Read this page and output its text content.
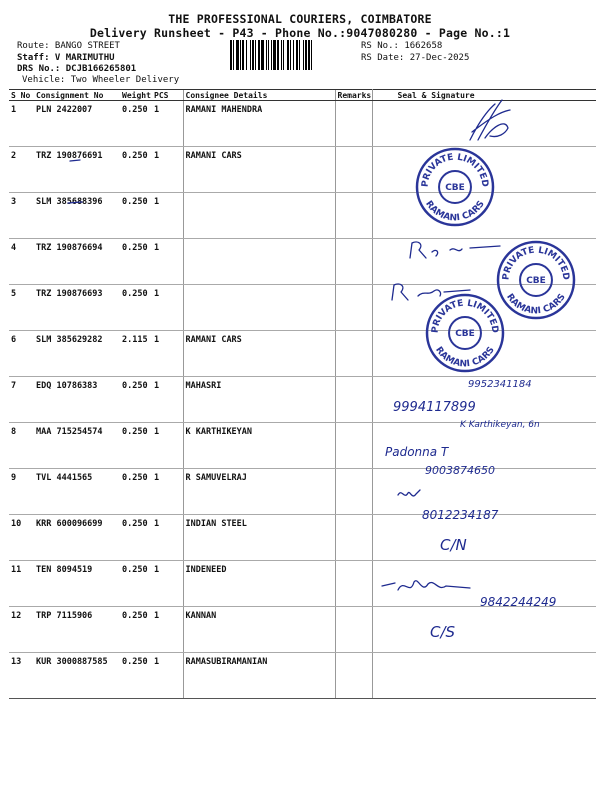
THE PROFESSIONAL COURIERS, COIMBATORE
Delivery Runsheet - P43 - Phone No.:9047080280 - Page No.:1
Route: BANGO STREET
Staff: V MARIMUTHU
DRS No.: DCJB166265801
Vehicle: Two Wheeler Delivery
RS No.: 1662658
RS Date: 27-Dec-2025
S No	Consignment No	Weight	PCS	Consignee Details	Remarks	Seal & Signature
1	PLN 2422007	0.250	1	RAMANI MAHENDRA		
2	TRZ 190876691	0.250	1	RAMANI CARS		
3	SLM 385688396	0.250	1			
4	TRZ 190876694	0.250	1			
5	TRZ 190876693	0.250	1			
6	SLM 385629282	2.115	1	RAMANI CARS		
7	EDQ 10786383	0.250	1	MAHASRI		
8	MAA 715254574	0.250	1	K KARTHIKEYAN		
9	TVL 4441565	0.250	1	R SAMUVELRAJ		
10	KRR 600096699	0.250	1	INDIAN STEEL		
11	TEN 8094519	0.250	1	INDENEED		
12	TRP 7115906	0.250	1	KANNAN		
13	KUR 3000887585	0.250	1	RAMASUBIRAMANIAN		
9952341184
9994117899
K Karthikeyan, 6n
Padonna T
9003874650
8012234187
C/N
9842244249
C/S
PRIVATE LIMITED
RAMANI CARS
CBE
PRIVATE LIMITED
RAMANI CARS
CBE
PRIVATE LIMITED
RAMANI CARS
CBE
